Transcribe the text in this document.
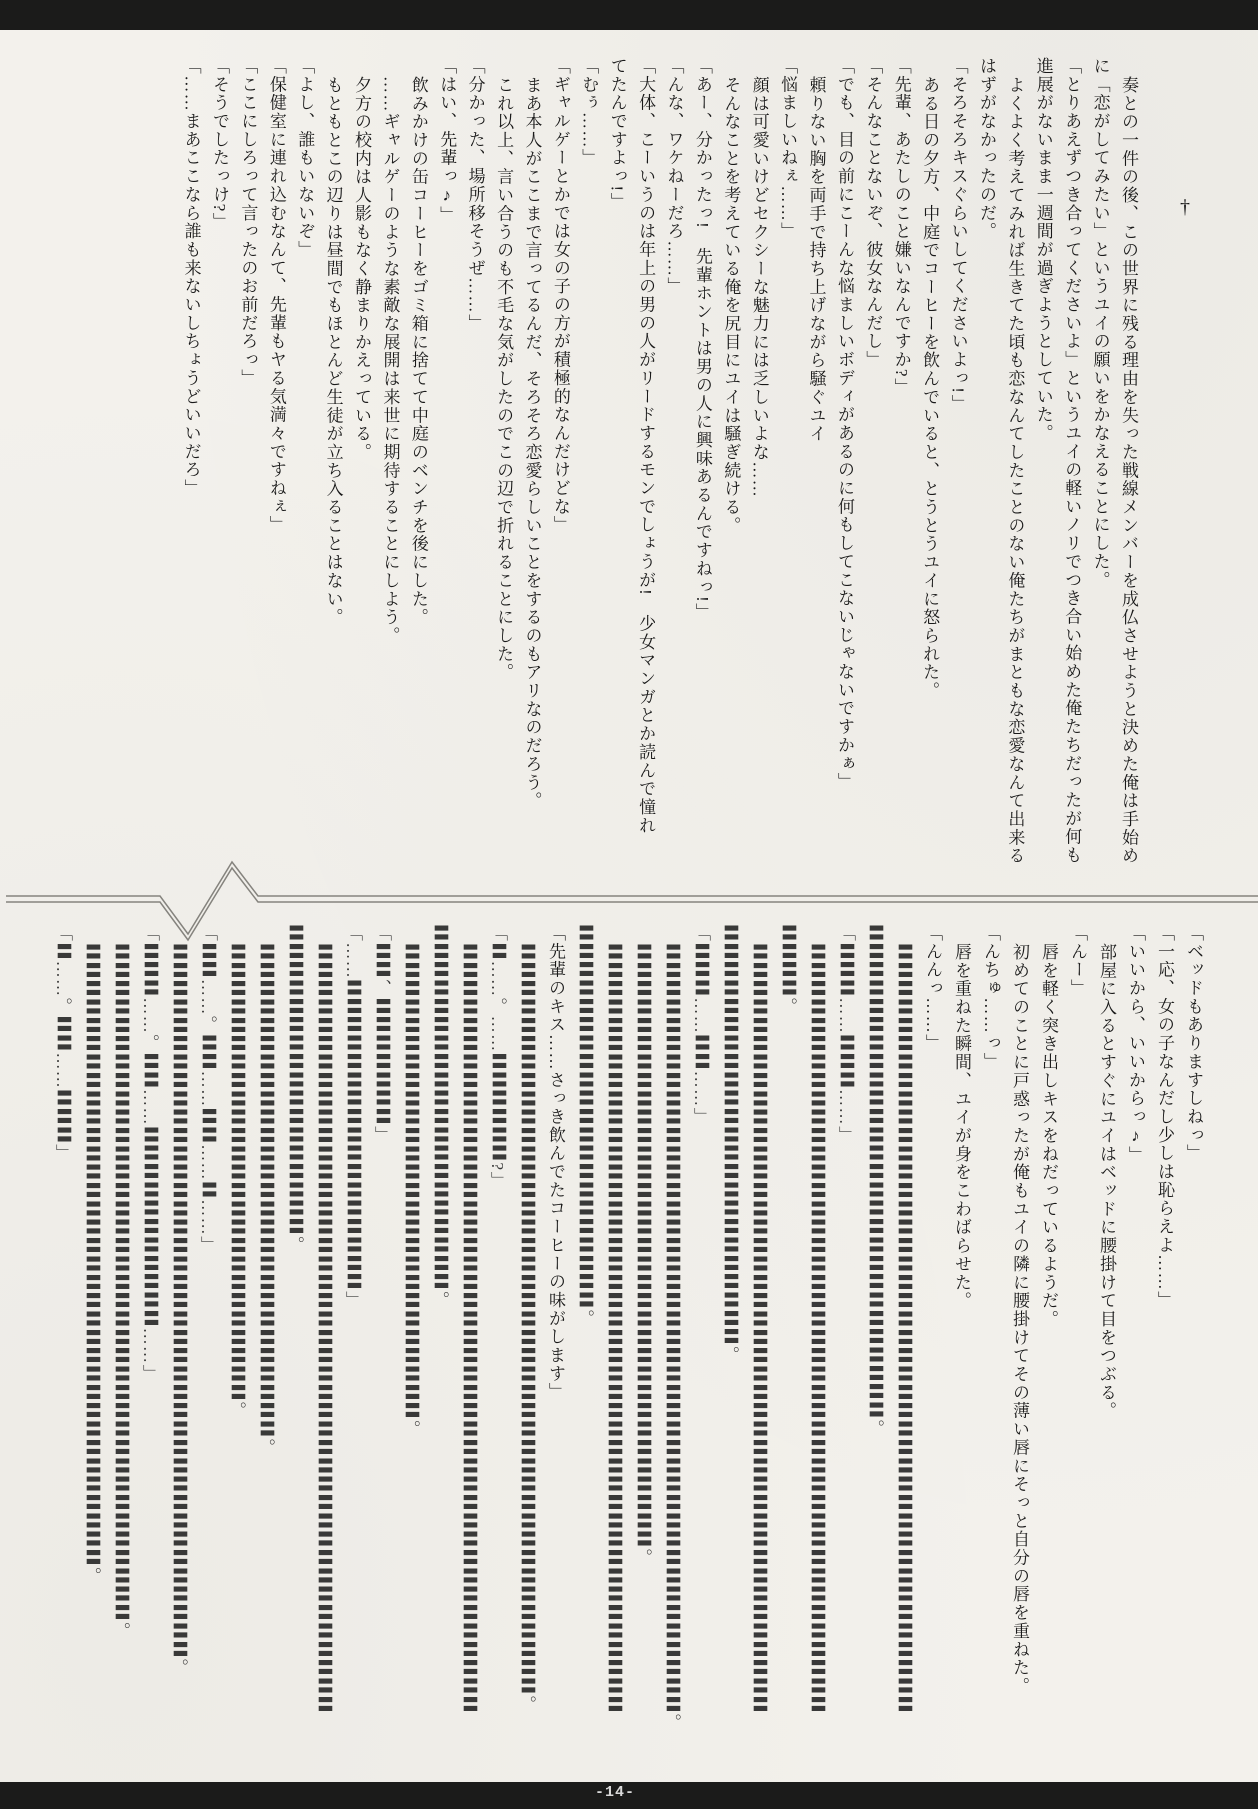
†
奏との一件の後、この世界に残る理由を失った戦線メンバーを成仏させようと決めた俺は手始め
に「恋がしてみたい」というユイの願いをかなえることにした。
「とりあえずつき合ってくださいよ」というユイの軽いノリでつき合い始めた俺たちだったが何も
進展がないまま一週間が過ぎようとしていた。
よくよく考えてみれば生きてた頃も恋なんてしたことのない俺たちがまともな恋愛なんて出来る
はずがなかったのだ。
「そろそろキスぐらいしてくださいよっ!」
ある日の夕方、中庭でコーヒーを飲んでいると、とうとうユイに怒られた。
「先輩、あたしのこと嫌いなんですか?」
「そんなことないぞ、彼女なんだし」
「でも、目の前にこーんな悩ましいボディがあるのに何もしてこないじゃないですかぁ」
頼りない胸を両手で持ち上げながら騒ぐユイ
「悩ましいねぇ……」
顔は可愛いけどセクシーな魅力には乏しいよな……
そんなことを考えている俺を尻目にユイは騒ぎ続ける。
「あー、分かったっ!　先輩ホントは男の人に興味あるんですねっ!」
「んな、ワケねーだろ……」
「大体、こーいうのは年上の男の人がリードするモンでしょうが!　少女マンガとか読んで憧れ
てたんですよっ!」
「むぅ……」
「ギャルゲーとかでは女の子の方が積極的なんだけどな」
まあ本人がここまで言ってるんだ、そろそろ恋愛らしいことをするのもアリなのだろう。
これ以上、言い合うのも不毛な気がしたのでこの辺で折れることにした。
「分かった、場所移そうぜ……」
「はい、先輩っ♪」
飲みかけの缶コーヒーをゴミ箱に捨てて中庭のベンチを後にした。
……ギャルゲーのような素敵な展開は来世に期待することにしよう。
夕方の校内は人影もなく静まりかえっている。
もともとこの辺りは昼間でもほとんど生徒が立ち入ることはない。
「よし、誰もいないぞ」
「保健室に連れ込むなんて、先輩もヤる気満々ですねぇ」
「ここにしろって言ったのお前だろっ」
「そうでしたっけ?」
「……まあここなら誰も来ないしちょうどいいだろ」
「ベッドもありますしねっ」
「一応、女の子なんだし少しは恥らえよ……」
「いいから、いいからっ♪」
部屋に入るとすぐにユイはベッドに腰掛けて目をつぶる。
「んー」
唇を軽く突き出しキスをねだっているようだ。
初めてのことに戸惑ったが俺もユイの隣に腰掛けてその薄い唇にそっと自分の唇を重ねた。
「んちゅ……っ」
唇を重ねた瞬間、ユイが身をこわばらせた。
「んんっ……」
〓〓〓〓〓〓〓〓〓〓〓〓〓〓〓〓〓〓〓〓〓〓〓〓〓〓〓〓〓〓〓〓〓〓〓〓〓〓〓〓〓〓
〓〓〓〓〓〓〓〓〓〓〓〓〓〓〓〓〓〓〓〓〓〓〓〓〓〓〓。
「〓〓〓……〓〓〓……」
〓〓〓〓〓〓〓〓〓〓〓〓〓〓〓〓〓〓〓〓〓〓〓〓〓〓〓〓〓〓〓〓〓〓〓〓〓〓〓〓〓〓
〓〓〓〓。
〓〓〓〓〓〓〓〓〓〓〓〓〓〓〓〓〓〓〓〓〓〓〓〓〓〓〓〓〓〓〓〓〓〓〓〓〓〓〓〓〓〓
〓〓〓〓〓〓〓〓〓〓〓〓〓〓〓〓〓〓〓〓〓〓〓。
「〓〓〓……〓〓……」
〓〓〓〓〓〓〓〓〓〓〓〓〓〓〓〓〓〓〓〓〓〓〓〓〓〓〓〓〓〓〓〓〓〓〓〓〓〓〓〓〓〓。
〓〓〓〓〓〓〓〓〓〓〓〓〓〓〓〓〓〓〓〓〓〓〓〓〓〓〓〓〓〓〓〓〓。
〓〓〓〓〓〓〓〓〓〓〓〓〓〓〓〓〓〓〓〓〓〓〓〓〓〓〓〓〓〓〓〓〓〓〓〓〓〓〓〓〓〓
〓〓〓〓〓〓〓〓〓〓〓〓〓〓〓〓〓〓〓〓〓。
「先輩のキス……さっき飲んでたコーヒーの味がします」
〓〓〓〓〓〓〓〓〓〓〓〓〓〓〓〓〓〓〓〓〓〓〓〓〓〓〓〓〓〓〓〓〓〓〓〓〓〓〓〓〓。
「〓……。……〓〓〓〓〓〓?」
〓〓〓〓〓〓〓〓〓〓〓〓〓〓〓〓〓〓〓〓〓〓〓〓〓〓〓〓〓〓〓〓〓〓〓〓〓〓〓〓〓〓
〓〓〓〓〓〓〓〓〓〓〓〓〓〓〓〓〓〓〓〓。
〓〓〓〓〓〓〓〓〓〓〓〓〓〓〓〓〓〓〓〓〓〓〓〓〓〓。
「〓〓、〓〓〓〓〓〓〓」
「……〓〓〓〓〓〓〓〓〓〓〓〓〓〓〓〓〓」
〓〓〓〓〓〓〓〓〓〓〓〓〓〓〓〓〓〓〓〓〓〓〓〓〓〓〓〓〓〓〓〓〓〓〓〓〓〓〓〓〓〓
〓〓〓〓〓〓〓〓〓〓〓〓〓〓〓〓〓。
〓〓〓〓〓〓〓〓〓〓〓〓〓〓〓〓〓〓〓〓〓〓〓〓〓〓〓。
〓〓〓〓〓〓〓〓〓〓〓〓〓〓〓〓〓〓〓〓〓〓〓〓〓。
「〓〓……。〓〓……〓〓……〓……」
〓〓〓〓〓〓〓〓〓〓〓〓〓〓〓〓〓〓〓〓〓〓〓〓〓〓〓〓〓〓〓〓〓〓〓〓〓〓〓。
「〓〓〓……。〓〓……〓〓〓〓〓〓〓〓〓〓〓……」
〓〓〓〓〓〓〓〓〓〓〓〓〓〓〓〓〓〓〓〓〓〓〓〓〓〓〓〓〓〓〓〓〓〓〓〓〓。
〓〓〓〓〓〓〓〓〓〓〓〓〓〓〓〓〓〓〓〓〓〓〓〓〓〓〓〓〓〓〓〓〓〓。
「〓……。〓〓……〓〓〓」
-14-
